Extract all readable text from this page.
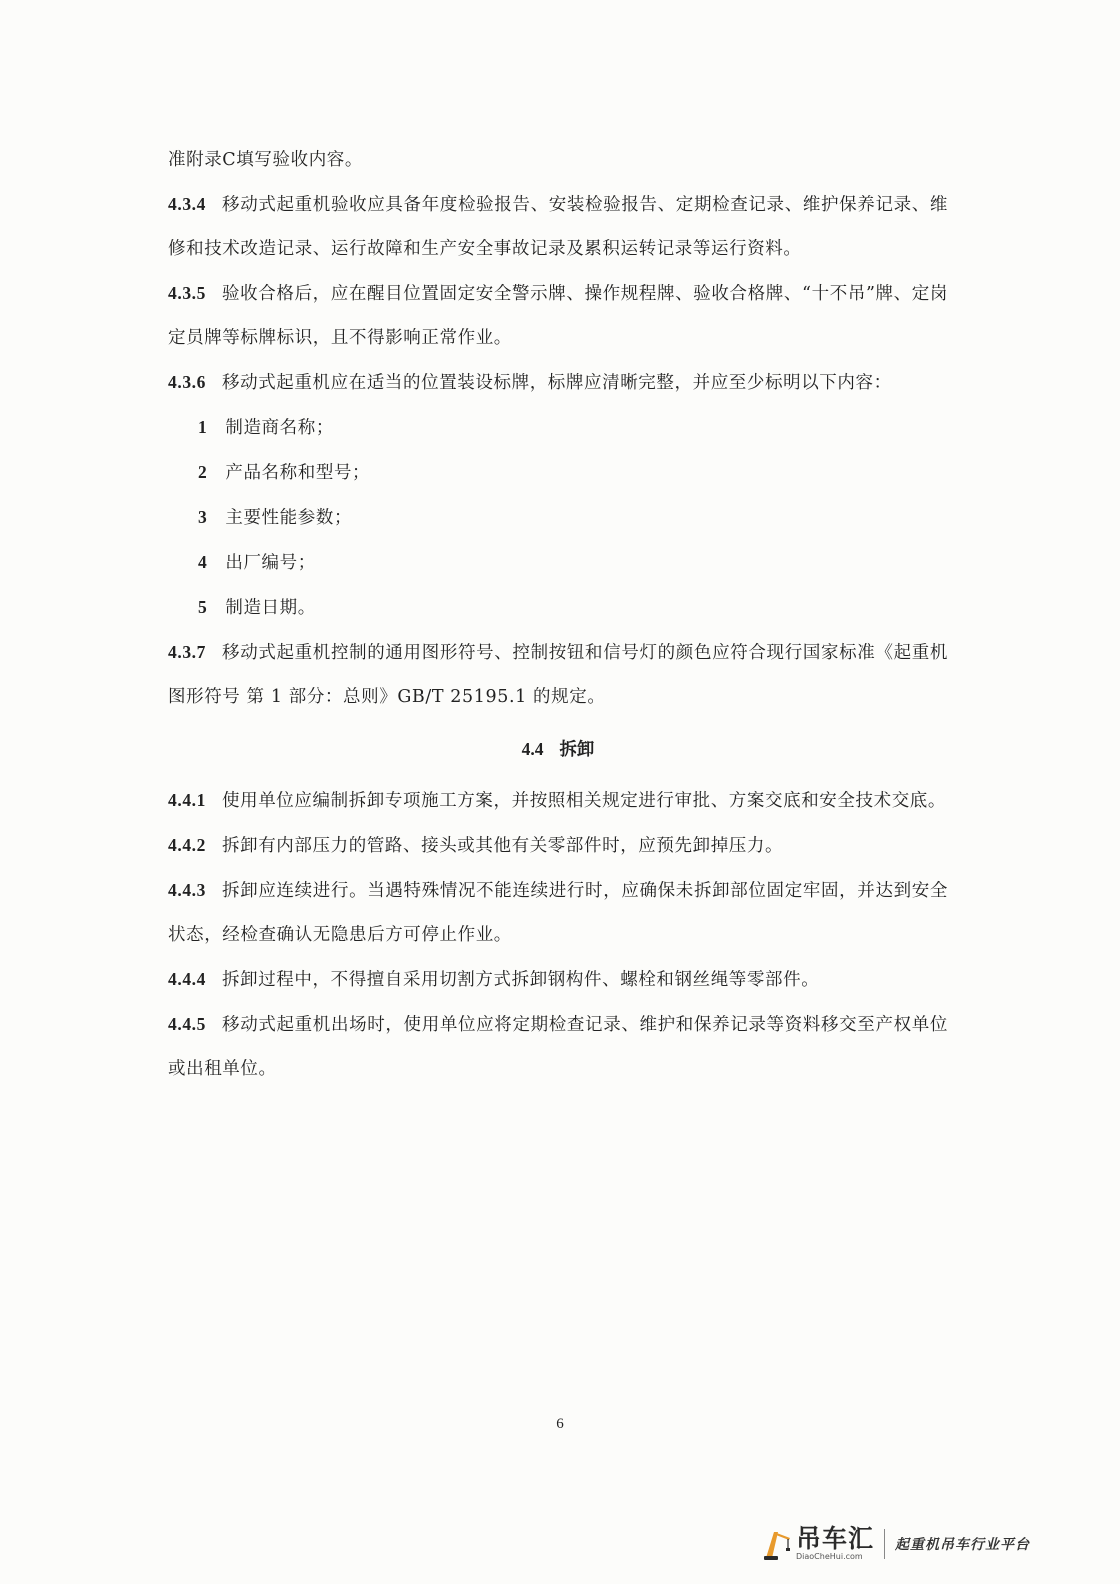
准附录C填写验收内容。

4.3.4 移动式起重机验收应具备年度检验报告、安装检验报告、定期检查记录、维护保养记录、维修和技术改造记录、运行故障和生产安全事故记录及累积运转记录等运行资料。

4.3.5 验收合格后，应在醒目位置固定安全警示牌、操作规程牌、验收合格牌、“十不吊”牌、定岗定员牌等标牌标识，且不得影响正常作业。

4.3.6 移动式起重机应在适当的位置装设标牌，标牌应清晰完整，并应至少标明以下内容：

1 制造商名称；

2 产品名称和型号；

3 主要性能参数；

4 出厂编号；

5 制造日期。

4.3.7 移动式起重机控制的通用图形符号、控制按钮和信号灯的颜色应符合现行国家标准《起重机 图形符号 第 1 部分：总则》GB/T 25195.1 的规定。

4.4 拆卸

4.4.1 使用单位应编制拆卸专项施工方案，并按照相关规定进行审批、方案交底和安全技术交底。

4.4.2 拆卸有内部压力的管路、接头或其他有关零部件时，应预先卸掉压力。

4.4.3 拆卸应连续进行。当遇特殊情况不能连续进行时，应确保未拆卸部位固定牢固，并达到安全状态，经检查确认无隐患后方可停止作业。

4.4.4 拆卸过程中，不得擅自采用切割方式拆卸钢构件、螺栓和钢丝绳等零部件。

4.4.5 移动式起重机出场时，使用单位应将定期检查记录、维护和保养记录等资料移交至产权单位或出租单位。

6
吊车汇
DiaoCheHui.com
起重机吊车行业平台
